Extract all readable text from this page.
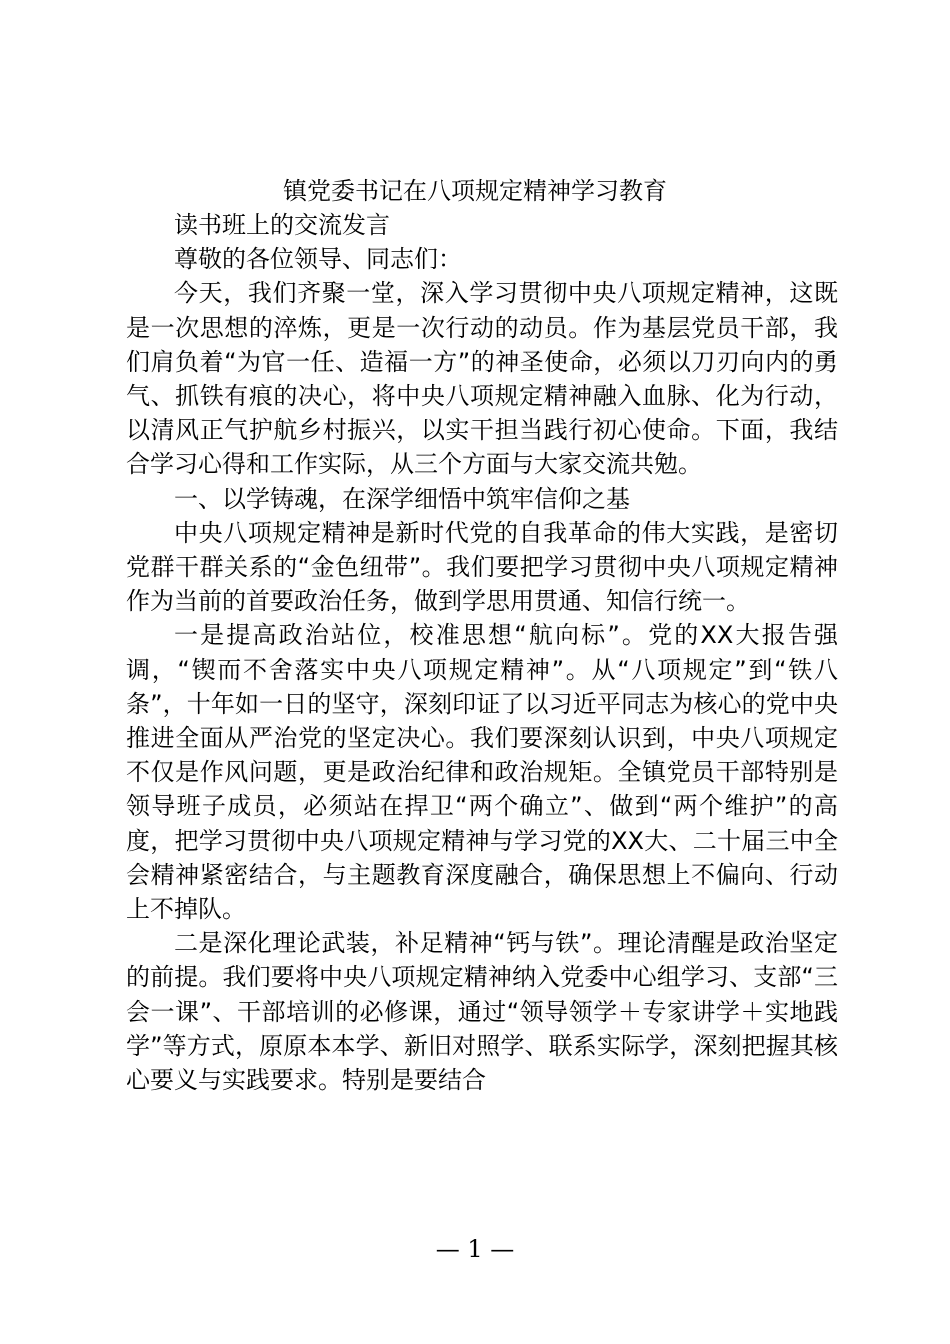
镇党委书记在八项规定精神学习教育

读书班上的交流发言

尊敬的各位领导、同志们：

今天，我们齐聚一堂，深入学习贯彻中央八项规定精神，这既是一次思想的淬炼，更是一次行动的动员。作为基层党员干部，我们肩负着“为官一任、造福一方”的神圣使命，必须以刀刃向内的勇气、抓铁有痕的决心，将中央八项规定精神融入血脉、化为行动，以清风正气护航乡村振兴，以实干担当践行初心使命。下面，我结合学习心得和工作实际，从三个方面与大家交流共勉。

一、以学铸魂，在深学细悟中筑牢信仰之基

中央八项规定精神是新时代党的自我革命的伟大实践，是密切党群干群关系的“金色纽带”。我们要把学习贯彻中央八项规定精神作为当前的首要政治任务，做到学思用贯通、知信行统一。

一是提高政治站位，校准思想“航向标”。党的XX大报告强调，“锲而不舍落实中央八项规定精神”。从“八项规定”到“铁八条”，十年如一日的坚守，深刻印证了以习近平同志为核心的党中央推进全面从严治党的坚定决心。我们要深刻认识到，中央八项规定不仅是作风问题，更是政治纪律和政治规矩。全镇党员干部特别是领导班子成员，必须站在捍卫“两个确立”、做到“两个维护”的高度，把学习贯彻中央八项规定精神与学习党的XX大、二十届三中全会精神紧密结合，与主题教育深度融合，确保思想上不偏向、行动上不掉队。

二是深化理论武装，补足精神“钙与铁”。理论清醒是政治坚定的前提。我们要将中央八项规定精神纳入党委中心组学习、支部“三会一课”、干部培训的必修课，通过“领导领学＋专家讲学＋实地践学”等方式，原原本本学、新旧对照学、联系实际学，深刻把握其核心要义与实践要求。特别是要结合

— 1 —
